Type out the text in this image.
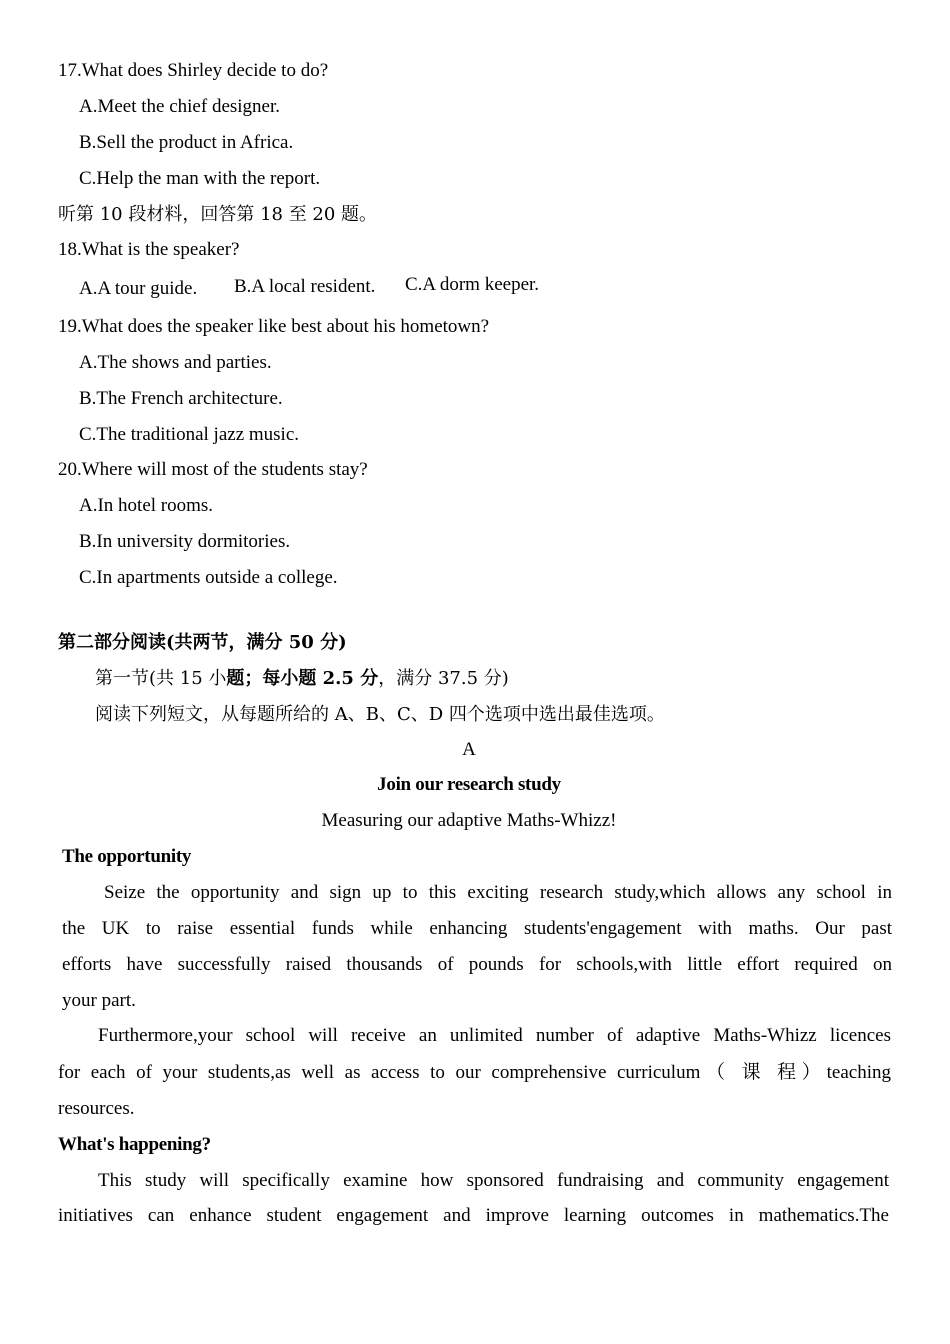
17.What does Shirley decide to do?
A.Meet the chief designer.
B.Sell the product in Africa.
C.Help the man with the report.
听第 10 段材料，回答第 18 至 20 题。
18.What is the speaker?
A.A tour guide. B.A local resident. C.A dorm keeper.
19.What does the speaker like best about his hometown?
A.The shows and parties.
B.The French architecture.
C.The traditional jazz music.
20.Where will most of the students stay?
A.In hotel rooms.
B.In university dormitories.
C.In apartments outside a college.
第二部分阅读(共两节，满分 50 分)
第一节(共 15 小题；每小题 2.5 分，满分 37.5 分)
阅读下列短文，从每题所给的 A、B、C、D 四个选项中选出最佳选项。
A
Join our research study
Measuring our adaptive Maths-Whizz!
The opportunity
Seize the opportunity and sign up to this exciting research study,which allows any school in
the UK to raise essential funds while enhancing students'engagement with maths. Our past
efforts have successfully raised thousands of pounds for schools,with little effort required on
your part.
Furthermore,your school will receive an unlimited number of adaptive Maths-Whizz licences
for each of your students,as well as access to our comprehensive curriculum（ 课 程）teaching
resources.
What's happening?
This study will specifically examine how sponsored fundraising and community engagement
initiatives can enhance student engagement and improve learning outcomes in mathematics.The
